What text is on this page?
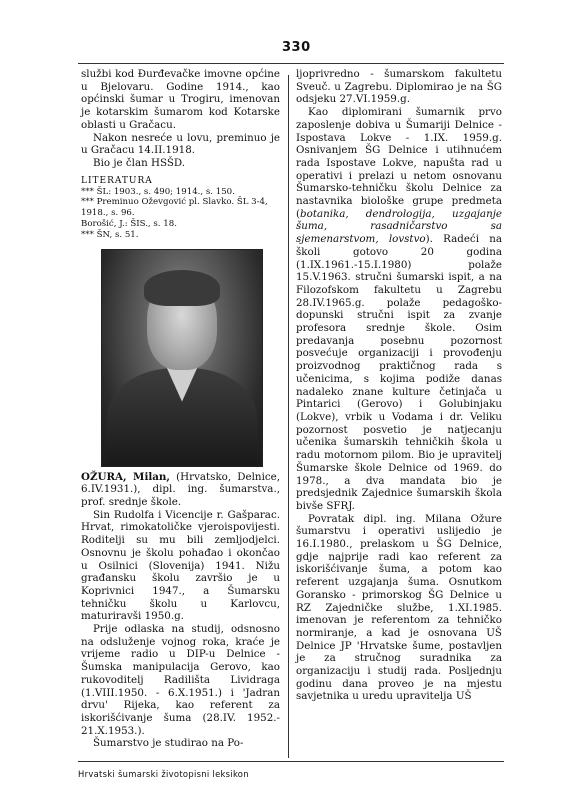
330

službi kod Đurđevačke imovne općine u Bjelovaru. Godine 1914., kao općinski šumar u Trogiru, imenovan je kotarskim šumarom kod Kotarske oblasti u Gračacu.

Nakon nesreće u lovu, preminuo je u Gračacu 14.II.1918.

Bio je član HSŠD.

LITERATURA

*** ŠL: 1903., s. 490; 1914., s. 150.

*** Preminuo Oževgović pl. Slavko. ŠL 3-4, 1918., s. 96.

Borošić, J.: ŠIS., s. 18.

*** ŠN, s. 51.

OŽURA, Milan, (Hrvatsko, Delnice, 6.IV.1931.), dipl. ing. šumarstva., prof. srednje škole.

Sin Rudolfa i Vicencije r. Gašparac. Hrvat, rimokatoličke vjeroispovijesti. Roditelji su mu bili zemljodjelci. Osnovnu je školu pohađao i okončao u Osilnici (Slovenija) 1941. Nižu građansku školu završio je u Koprivnici 1947., a Šumarsku tehničku školu u Karlovcu, maturiravši 1950.g.

Prije odlaska na studij, odsnosno na odsluženje vojnog roka, kraće je vrijeme radio u DIP-u Delnice - Šumska manipulacija Gerovo, kao rukovoditelj Radilišta Lividraga (1.VIII.1950. - 6.X.1951.) i 'Jadran drvu' Rijeka, kao referent za iskorišćivanje šuma (28.IV. 1952.- 21.X.1953.).

Šumarstvo je studirao na Po-

ljoprivredno - šumarskom fakultetu Sveuč. u Zagrebu. Diplomirao je na ŠG odsjeku 27.VI.1959.g.

Kao diplomirani šumarnik prvo zaposlenje dobiva u Šumariji Delnice - Ispostava Lokve - 1.IX. 1959.g. Osnivanjem ŠG Delnice i utihnućem rada Ispostave Lokve, napušta rad u operativi i prelazi u netom osnovanu Šumarsko-tehničku školu Delnice za nastavnika biološke grupe predmeta (botanika, dendrologija, uzgajanje šuma, rasadničarstvo sa sjemenarstvom, lovstvo). Radeći na školi gotovo 20 godina (1.IX.1961.-15.I.1980) polaže 15.V.1963. stručni šumarski ispit, a na Filozofskom fakultetu u Zagrebu 28.IV.1965.g. polaže pedagoško-dopunski stručni ispit za zvanje profesora srednje škole. Osim predavanja posebnu pozornost posvećuje organizaciji i provođenju proizvodnog praktičnog rada s učenicima, s kojima podiže danas nadaleko znane kulture četinjača u Pintarici (Gerovo) i Golubinjaku (Lokve), vrbik u Vodama i dr. Veliku pozornost posvetio je natjecanju učenika šumarskih tehničkih škola u radu motornom pilom. Bio je upravitelj Šumarske škole Delnice od 1969. do 1978., a dva mandata bio je predsjednik Zajednice šumarskih škola bivše SFRJ.

Povratak dipl. ing. Milana Ožure šumarstvu i operativi uslijedio je 16.I.1980., prelaskom u ŠG Delnice, gdje najprije radi kao referent za iskorišćivanje šuma, a potom kao referent uzgajanja šuma. Osnutkom Goransko - primorskog ŠG Delnice u RZ Zajedničke službe, 1.XI.1985. imenovan je referentom za tehničko normiranje, a kad je osnovana UŠ Delnice JP 'Hrvatske šume, postavljen je za stručnog suradnika za organizaciju i studij rada. Posljednju godinu dana proveo je na mjestu savjetnika u uredu upravitelja UŠ

Hrvatski šumarski životopisni leksikon
